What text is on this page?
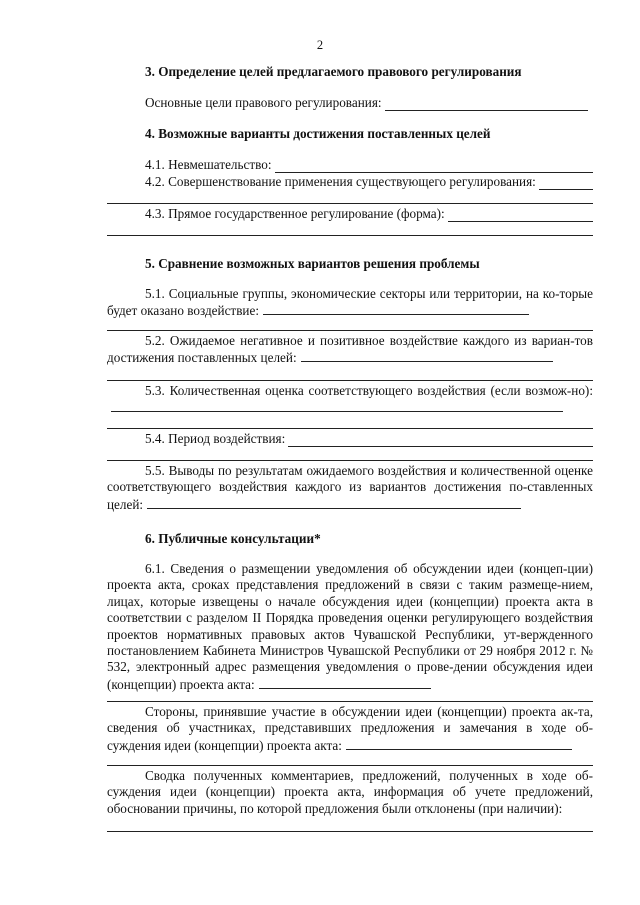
2
3. Определение целей предлагаемого правового регулирования
Основные цели правового регулирования:
4. Возможные варианты достижения поставленных целей
4.1. Невмешательство:
4.2. Совершенствование применения существующего регулирования:
4.3. Прямое государственное регулирование (форма):
5. Сравнение возможных вариантов решения проблемы
5.1. Социальные группы, экономические секторы или территории, на ко-торые будет оказано воздействие:
5.2. Ожидаемое негативное и позитивное воздействие каждого из вариан-тов достижения поставленных целей:
5.3. Количественная оценка соответствующего воздействия (если возмож-но):
5.4. Период воздействия:
5.5. Выводы по результатам ожидаемого воздействия и количественной оценке соответствующего воздействия каждого из вариантов достижения по-ставленных целей:
6. Публичные консультации*
6.1. Сведения о размещении уведомления об обсуждении идеи (концеп-ции) проекта акта, сроках представления предложений в связи с таким размеще-нием, лицах, которые извещены о начале обсуждения идеи (концепции) проекта акта в соответствии с разделом II Порядка проведения оценки регулирующего воздействия проектов нормативных правовых актов Чувашской Республики, ут-вержденного постановлением Кабинета Министров Чувашской Республики от 29 ноября 2012 г. № 532, электронный адрес размещения уведомления о прове-дении обсуждения идеи (концепции) проекта акта:
Стороны, принявшие участие в обсуждении идеи (концепции) проекта ак-та, сведения об участниках, представивших предложения и замечания в ходе об-суждения идеи (концепции) проекта акта:
Сводка полученных комментариев, предложений, полученных в ходе об-суждения идеи (концепции) проекта акта, информация об учете предложений, обосновании причины, по которой предложения были отклонены (при наличии):
